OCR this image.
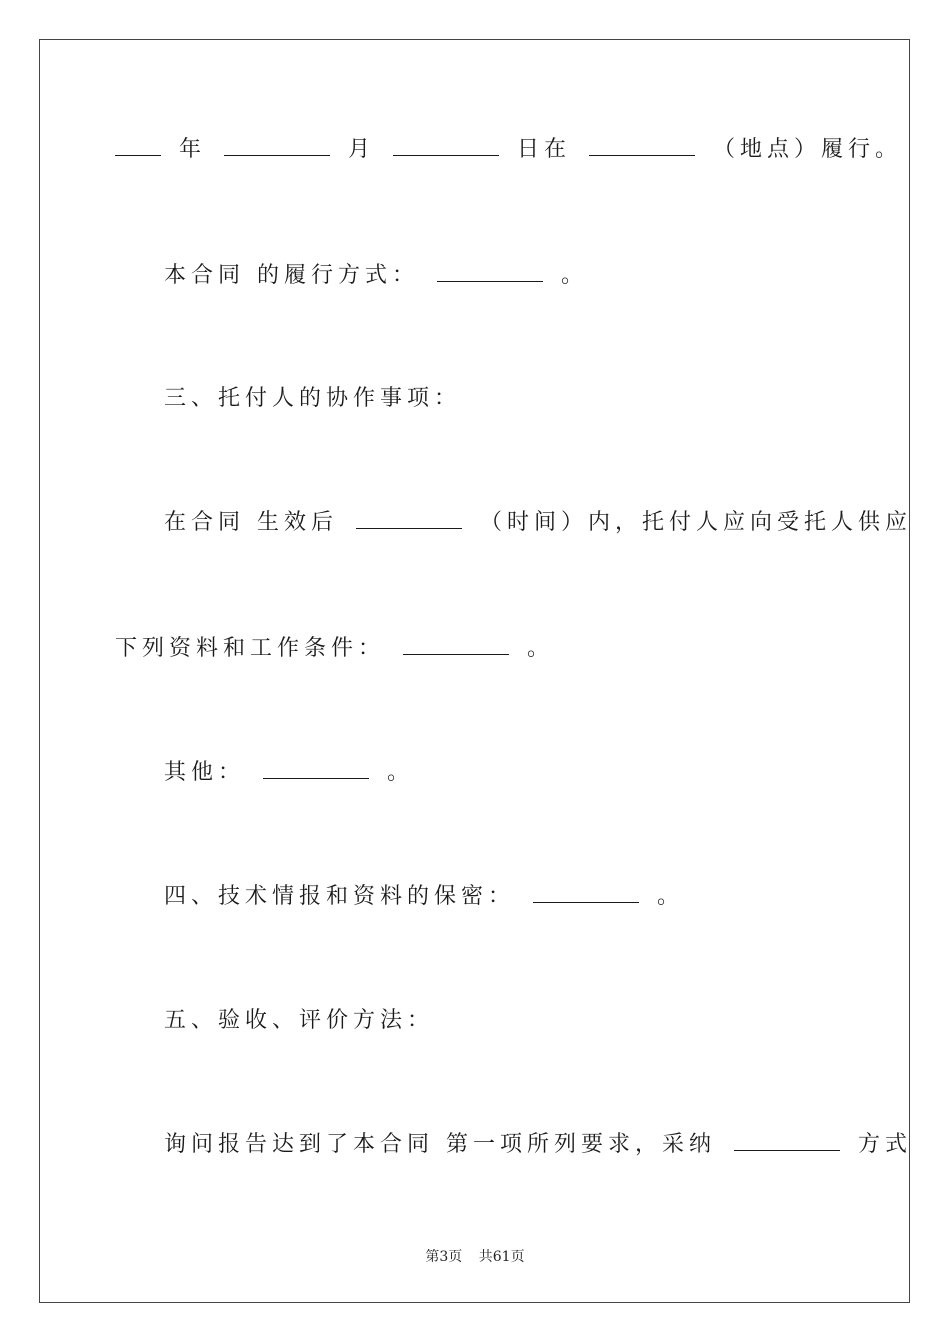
年	月	日在	（地点）履行。
本合同 的履行方式：	。
三、托付人的协作事项：
在合同 生效后	（时间）内，托付人应向受托人供应
下列资料和工作条件：	。
其他：	。
四、技术情报和资料的保密：	。
五、验收、评价方法：
询问报告达到了本合同 第一项所列要求，采纳	方式
第3页 共61页
